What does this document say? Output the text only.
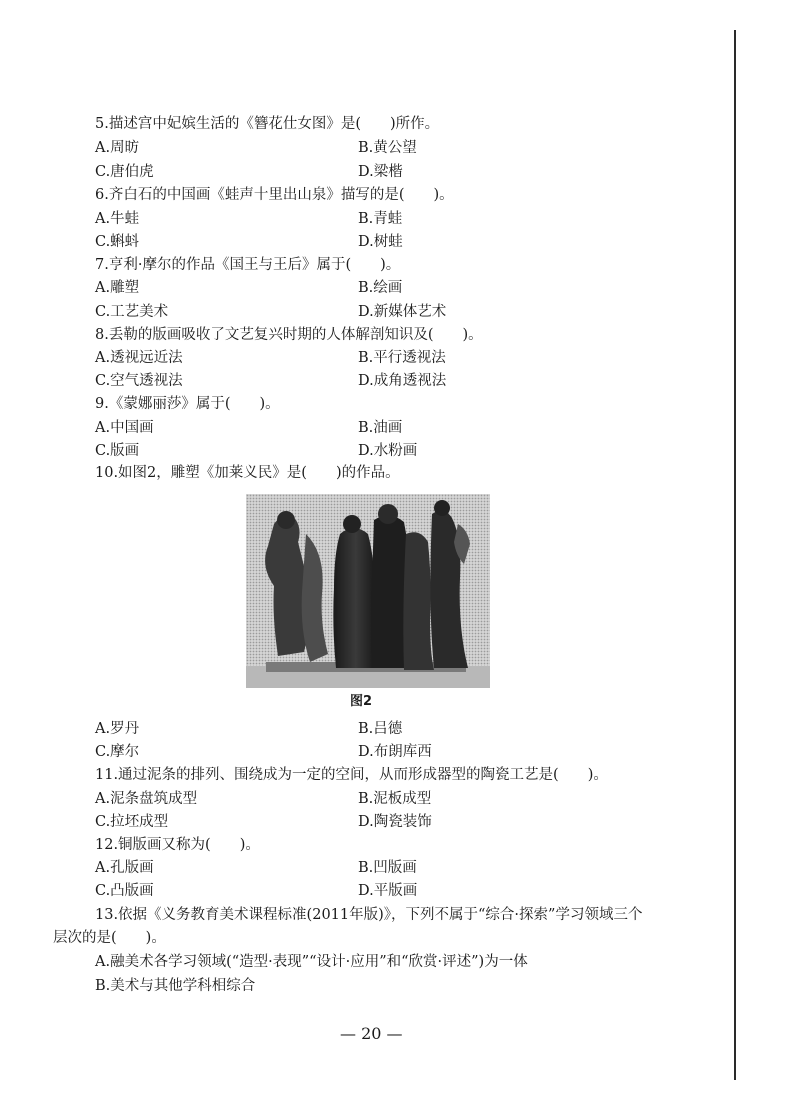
5.描述宫中妃嫔生活的《簪花仕女图》是(　　)所作。
A.周昉	B.黄公望
C.唐伯虎	D.梁楷
6.齐白石的中国画《蛙声十里出山泉》描写的是(　　)。
A.牛蛙	B.青蛙
C.蝌蚪	D.树蛙
7.亨利·摩尔的作品《国王与王后》属于(　　)。
A.雕塑	B.绘画
C.工艺美术	D.新媒体艺术
8.丢勒的版画吸收了文艺复兴时期的人体解剖知识及(　　)。
A.透视远近法	B.平行透视法
C.空气透视法	D.成角透视法
9.《蒙娜丽莎》属于(　　)。
A.中国画	B.油画
C.版画	D.水粉画
10.如图2，雕塑《加莱义民》是(　　)的作品。
图2
A.罗丹	B.吕德
C.摩尔	D.布朗库西
11.通过泥条的排列、围绕成为一定的空间，从而形成器型的陶瓷工艺是(　　)。
A.泥条盘筑成型	B.泥板成型
C.拉坯成型	D.陶瓷装饰
12.铜版画又称为(　　)。
A.孔版画	B.凹版画
C.凸版画	D.平版画
13.依据《义务教育美术课程标准(2011年版)》，下列不属于“综合·探索”学习领域三个
层次的是(　　)。
A.融美术各学习领域(“造型·表现”“设计·应用”和“欣赏·评述”)为一体
B.美术与其他学科相综合
— 20 —
